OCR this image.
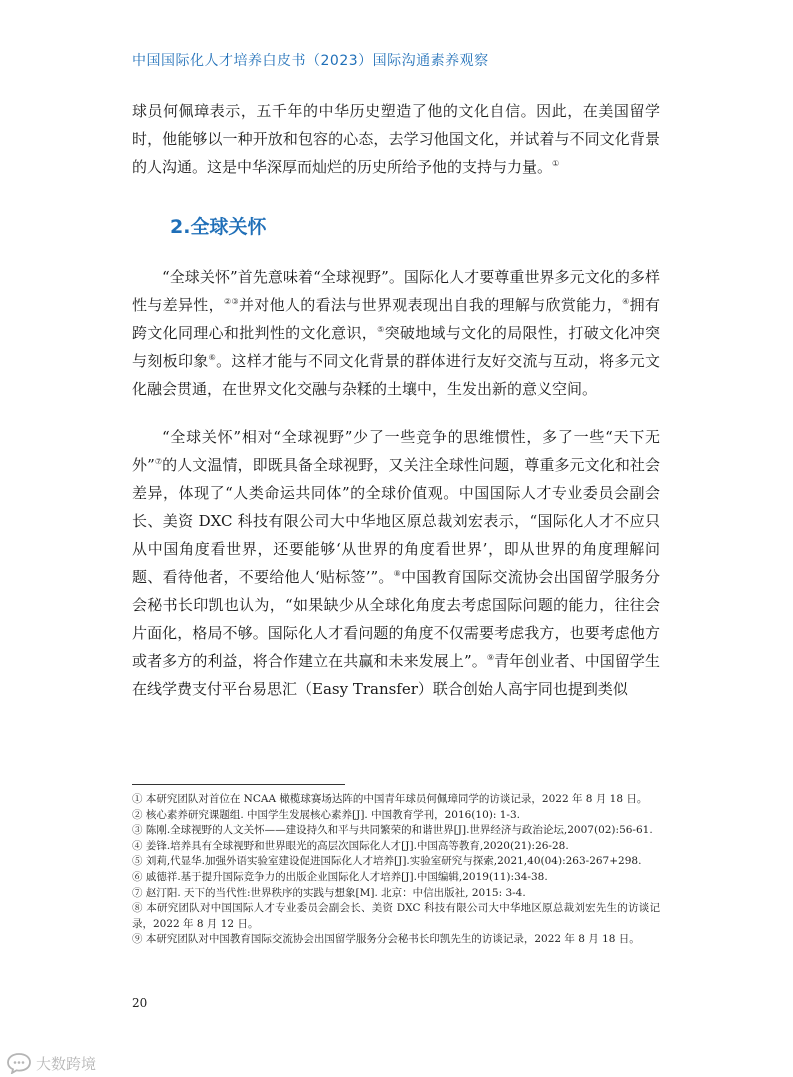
中国国际化人才培养白皮书（2023）国际沟通素养观察

球员何佩璋表示，五千年的中华历史塑造了他的文化自信。因此，在美国留学时，他能够以一种开放和包容的心态，去学习他国文化，并试着与不同文化背景的人沟通。这是中华深厚而灿烂的历史所给予他的支持与力量。①

2.全球关怀

“全球关怀”首先意味着“全球视野”。国际化人才要尊重世界多元文化的多样性与差异性，②③并对他人的看法与世界观表现出自我的理解与欣赏能力，④拥有跨文化同理心和批判性的文化意识，⑤突破地域与文化的局限性，打破文化冲突与刻板印象⑥。这样才能与不同文化背景的群体进行友好交流与互动，将多元文化融会贯通，在世界文化交融与杂糅的土壤中，生发出新的意义空间。

“全球关怀”相对“全球视野”少了一些竞争的思维惯性，多了一些“天下无外”⑦的人文温情，即既具备全球视野，又关注全球性问题，尊重多元文化和社会差异，体现了“人类命运共同体”的全球价值观。中国国际人才专业委员会副会长、美资 DXC 科技有限公司大中华地区原总裁刘宏表示，“国际化人才不应只从中国角度看世界，还要能够‘从世界的角度看世界’，即从世界的角度理解问题、看待他者，不要给他人‘贴标签’”。⑧中国教育国际交流协会出国留学服务分会秘书长印凯也认为，“如果缺少从全球化角度去考虑国际问题的能力，往往会片面化，格局不够。国际化人才看问题的角度不仅需要考虑我方，也要考虑他方或者多方的利益，将合作建立在共赢和未来发展上”。⑨青年创业者、中国留学生在线学费支付平台易思汇（Easy Transfer）联合创始人高宇同也提到类似

① 本研究团队对首位在 NCAA 橄榄球赛场达阵的中国青年球员何佩璋同学的访谈记录，2022 年 8 月 18 日。

② 核心素养研究课题组. 中国学生发展核心素养[J]. 中国教育学刊，2016(10): 1-3.

③ 陈刚.全球视野的人文关怀——建设持久和平与共同繁荣的和谐世界[J].世界经济与政治论坛,2007(02):56-61.

④ 姜锋.培养具有全球视野和世界眼光的高层次国际化人才[J].中国高等教育,2020(21):26-28.

⑤ 刘莉,代显华.加强外语实验室建设促进国际化人才培养[J].实验室研究与探索,2021,40(04):263-267+298.

⑥ 戚德祥.基于提升国际竞争力的出版企业国际化人才培养[J].中国编辑,2019(11):34-38.

⑦ 赵汀阳. 天下的当代性:世界秩序的实践与想象[M]. 北京：中信出版社, 2015: 3-4.

⑧ 本研究团队对中国国际人才专业委员会副会长、美资 DXC 科技有限公司大中华地区原总裁刘宏先生的访谈记录，2022 年 8 月 12 日。

⑨ 本研究团队对中国教育国际交流协会出国留学服务分会秘书长印凯先生的访谈记录，2022 年 8 月 18 日。

20
大数跨境
